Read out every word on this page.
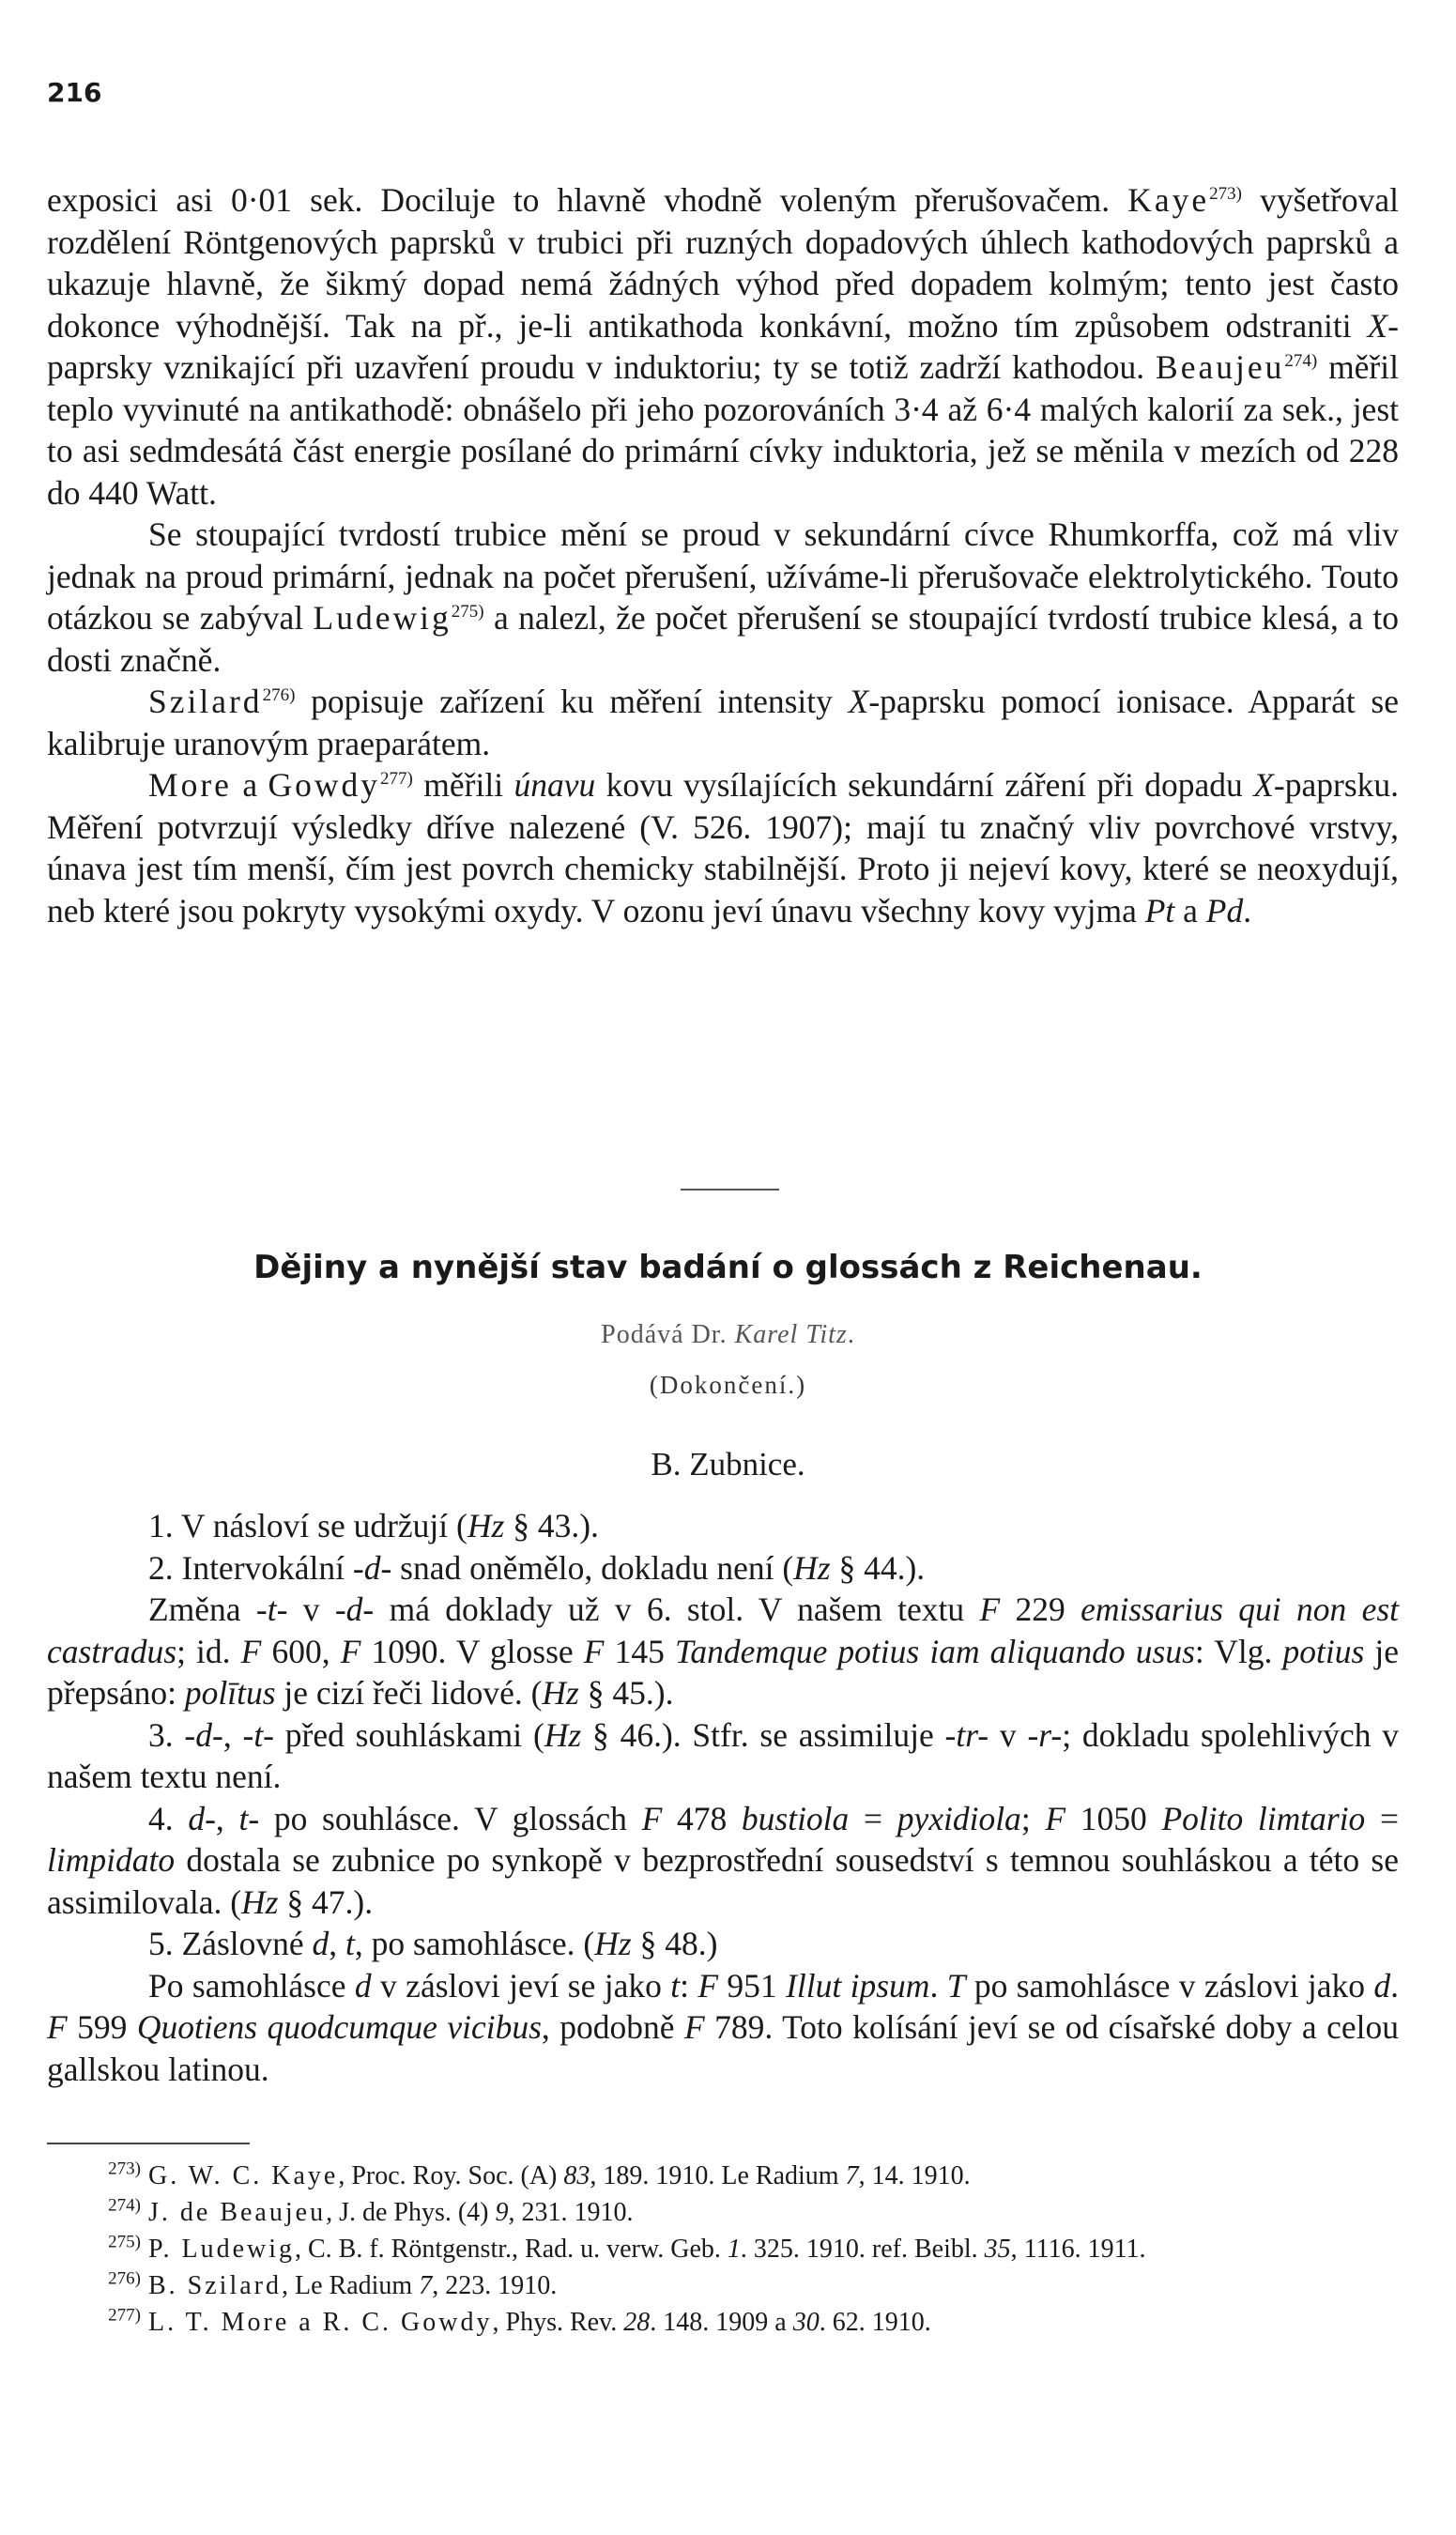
216

exposici asi 0·01 sek. Dociluje to hlavně vhodně voleným přerušovačem. Kaye$^{273)}$ vyšetřoval rozdělení Röntgenových paprsků v trubici při ruzných dopadových úhlech kathodových paprsků a ukazuje hlavně, že šikmý dopad nemá žádných výhod před dopadem kolmým; tento jest často dokonce výhodnější. Tak na př., je-li antikathoda konkávní, možno tím způsobem odstraniti X-paprsky vznikající při uzavření proudu v induktoriu; ty se totiž zadrží kathodou. Beaujeu$^{274)}$ měřil teplo vyvinuté na antikathodě: obnášelo při jeho pozorováních 3·4 až 6·4 malých kalorií za sek., jest to asi sedmdesátá část energie posílané do primární cívky induktoria, jež se měnila v mezích od 228 do 440 Watt.

Se stoupající tvrdostí trubice mění se proud v sekundární cívce Rhumkorffa, což má vliv jednak na proud primární, jednak na počet přerušení, užíváme-li přerušovače elektrolytického. Touto otázkou se zabýval Ludewig$^{275)}$ a nalezl, že počet přerušení se stoupající tvrdostí trubice klesá, a to dosti značně.

Szilard$^{276)}$ popisuje zařízení ku měření intensity X-paprsku pomocí ionisace. Apparát se kalibruje uranovým praeparátem.

More a Gowdy$^{277)}$ měřili únavu kovu vysílajících sekundární záření při dopadu X-paprsku. Měření potvrzují výsledky dříve nalezené (V. 526. 1907); mají tu značný vliv povrchové vrstvy, únava jest tím menší, čím jest povrch chemicky stabilnější. Proto ji nejeví kovy, které se neoxydují, neb které jsou pokryty vysokými oxydy. V ozonu jeví únavu všechny kovy vyjma Pt a Pd.

Dějiny a nynější stav badání o glossách z Reichenau.
Podává Dr. Karel Titz.
(Dokončení.)
B. Zubnice.

1. V násloví se udržují (Hz § 43.).

2. Intervokální -d- snad oněmělo, dokladu není (Hz § 44.).

Změna -t- v -d- má doklady už v 6. stol. V našem textu F 229 emissarius qui non est castradus; id. F 600, F 1090. V glosse F 145 Tandemque potius iam aliquando usus: Vlg. potius je přepsáno: polītus je cizí řeči lidové. (Hz § 45.).

3. -d-, -t- před souhláskami (Hz § 46.). Stfr. se assimiluje -tr- v -r-; dokladu spolehlivých v našem textu není.

4. d-, t- po souhlásce. V glossách F 478 bustiola = pyxidiola; F 1050 Polito limtario = limpidato dostala se zubnice po synkopě v bezprostřední sousedství s temnou souhláskou a této se assimilovala. (Hz § 47.).

5. Záslovné d, t, po samohlásce. (Hz § 48.)

Po samohlásce d v záslovi jeví se jako t: F 951 Illut ipsum. T po samohlásce v záslovi jako d. F 599 Quotiens quodcumque vicibus, podobně F 789. Toto kolísání jeví se od císařské doby a celou gallskou latinou.

$^{273)}$ G. W. C. Kaye, Proc. Roy. Soc. (A) 83, 189. 1910. Le Radium 7, 14. 1910.

$^{274)}$ J. de Beaujeu, J. de Phys. (4) 9, 231. 1910.

$^{275)}$ P. Ludewig, C. B. f. Röntgenstr., Rad. u. verw. Geb. 1. 325. 1910. ref. Beibl. 35, 1116. 1911.

$^{276)}$ B. Szilard, Le Radium 7, 223. 1910.

$^{277)}$ L. T. More a R. C. Gowdy, Phys. Rev. 28. 148. 1909 a 30. 62. 1910.
